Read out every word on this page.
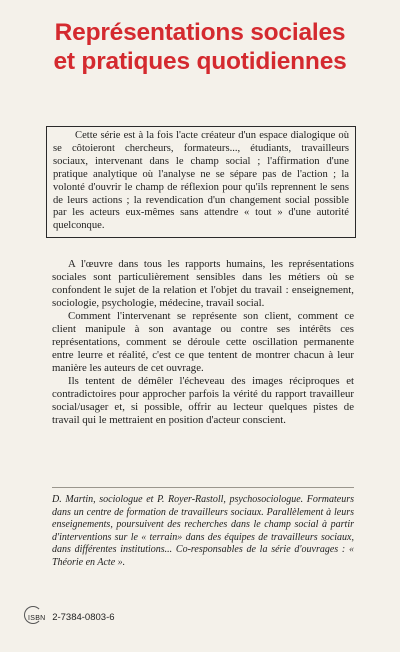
Représentations sociales
et pratiques quotidiennes

Cette série est à la fois l'acte créateur d'un espace dialogique où se côtoieront chercheurs, formateurs..., étudiants, travailleurs sociaux, intervenant dans le champ social ; l'affirmation d'une pratique analytique où l'analyse ne se sépare pas de l'action ; la volonté d'ouvrir le champ de réflexion pour qu'ils reprennent le sens de leurs actions ; la revendication d'un changement social possible par les acteurs eux-mêmes sans attendre « tout » d'une autorité quelconque.

A l'œuvre dans tous les rapports humains, les représentations sociales sont particulièrement sensibles dans les métiers où se confondent le sujet de la relation et l'objet du travail : enseignement, sociologie, psychologie, médecine, travail social.

Comment l'intervenant se représente son client, comment ce client manipule à son avantage ou contre ses intérêts ces représentations, comment se déroule cette oscillation permanente entre leurre et réalité, c'est ce que tentent de montrer chacun à leur manière les auteurs de cet ouvrage.

Ils tentent de démêler l'écheveau des images réciproques et contradictoires pour approcher parfois la vérité du rapport travailleur social/usager et, si possible, offrir au lecteur quelques pistes de travail qui le mettraient en position d'acteur conscient.

D. Martin, sociologue et P. Royer-Rastoll, psychosociologue. Formateurs dans un centre de formation de travailleurs sociaux. Parallèlement à leurs enseignements, poursuivent des recherches dans le champ social à partir d'interventions sur le « terrain» dans des équipes de travailleurs sociaux, dans différentes institutions... Co-responsables de la série d'ouvrages : « Théorie en Acte ».

ISBN 2-7384-0803-6
